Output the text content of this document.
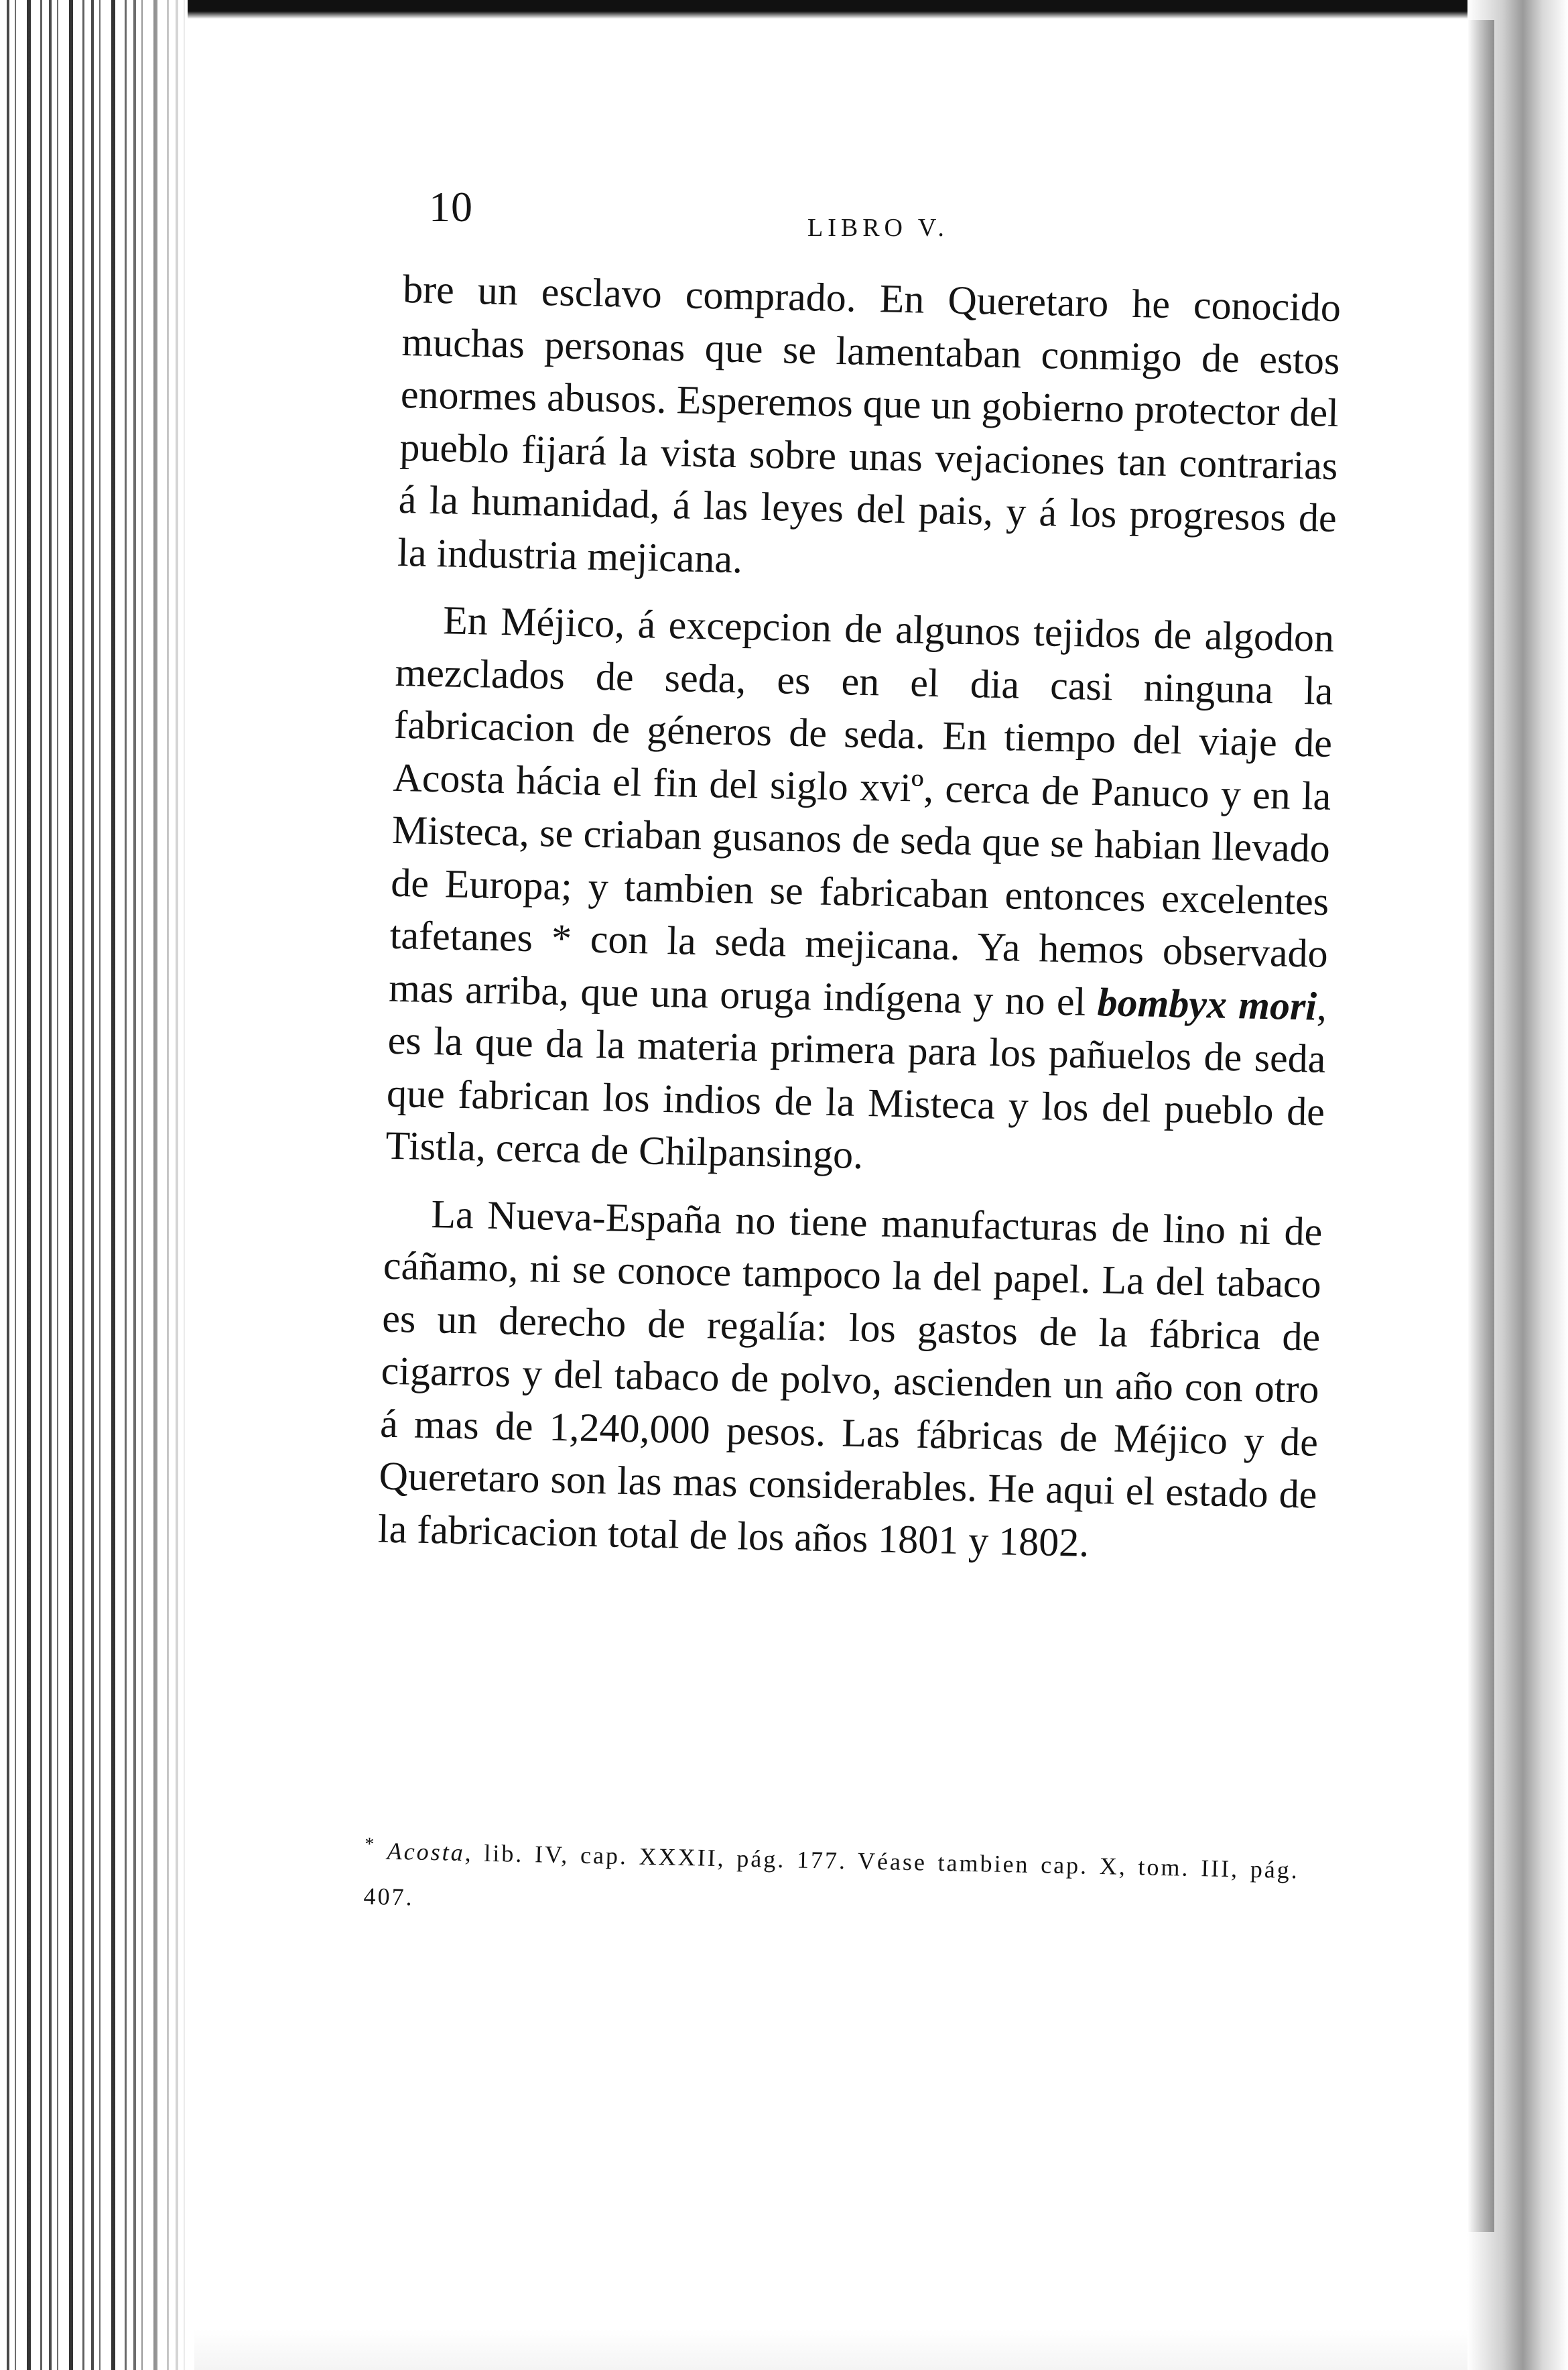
10	LIBRO V.

bre un esclavo comprado. En Queretaro he conocido muchas personas que se lamentaban conmigo de estos enormes abusos. Esperemos que un gobierno protector del pueblo fijará la vista sobre unas vejaciones tan contrarias á la humanidad, á las leyes del pais, y á los progresos de la industria mejicana.

En Méjico, á excepcion de algunos tejidos de algodon mezclados de seda, es en el dia casi ninguna la fabricacion de géneros de seda. En tiempo del viaje de Acosta hácia el fin del siglo xviº, cerca de Panuco y en la Misteca, se criaban gusanos de seda que se habian llevado de Europa; y tambien se fabricaban entonces excelentes tafetanes * con la seda mejicana. Ya hemos observado mas arriba, que una oruga indígena y no el bombyx mori, es la que da la materia primera para los pañuelos de seda que fabrican los indios de la Misteca y los del pueblo de Tistla, cerca de Chilpansingo.

La Nueva-España no tiene manufacturas de lino ni de cáñamo, ni se conoce tampoco la del papel. La del tabaco es un derecho de regalía: los gastos de la fábrica de cigarros y del tabaco de polvo, ascienden un año con otro á mas de 1,240,000 pesos. Las fábricas de Méjico y de Queretaro son las mas considerables. He aqui el estado de la fabricacion total de los años 1801 y 1802.

* Acosta, lib. IV, cap. XXXII, pág. 177. Véase tambien cap. X, tom. III, pág. 407.
